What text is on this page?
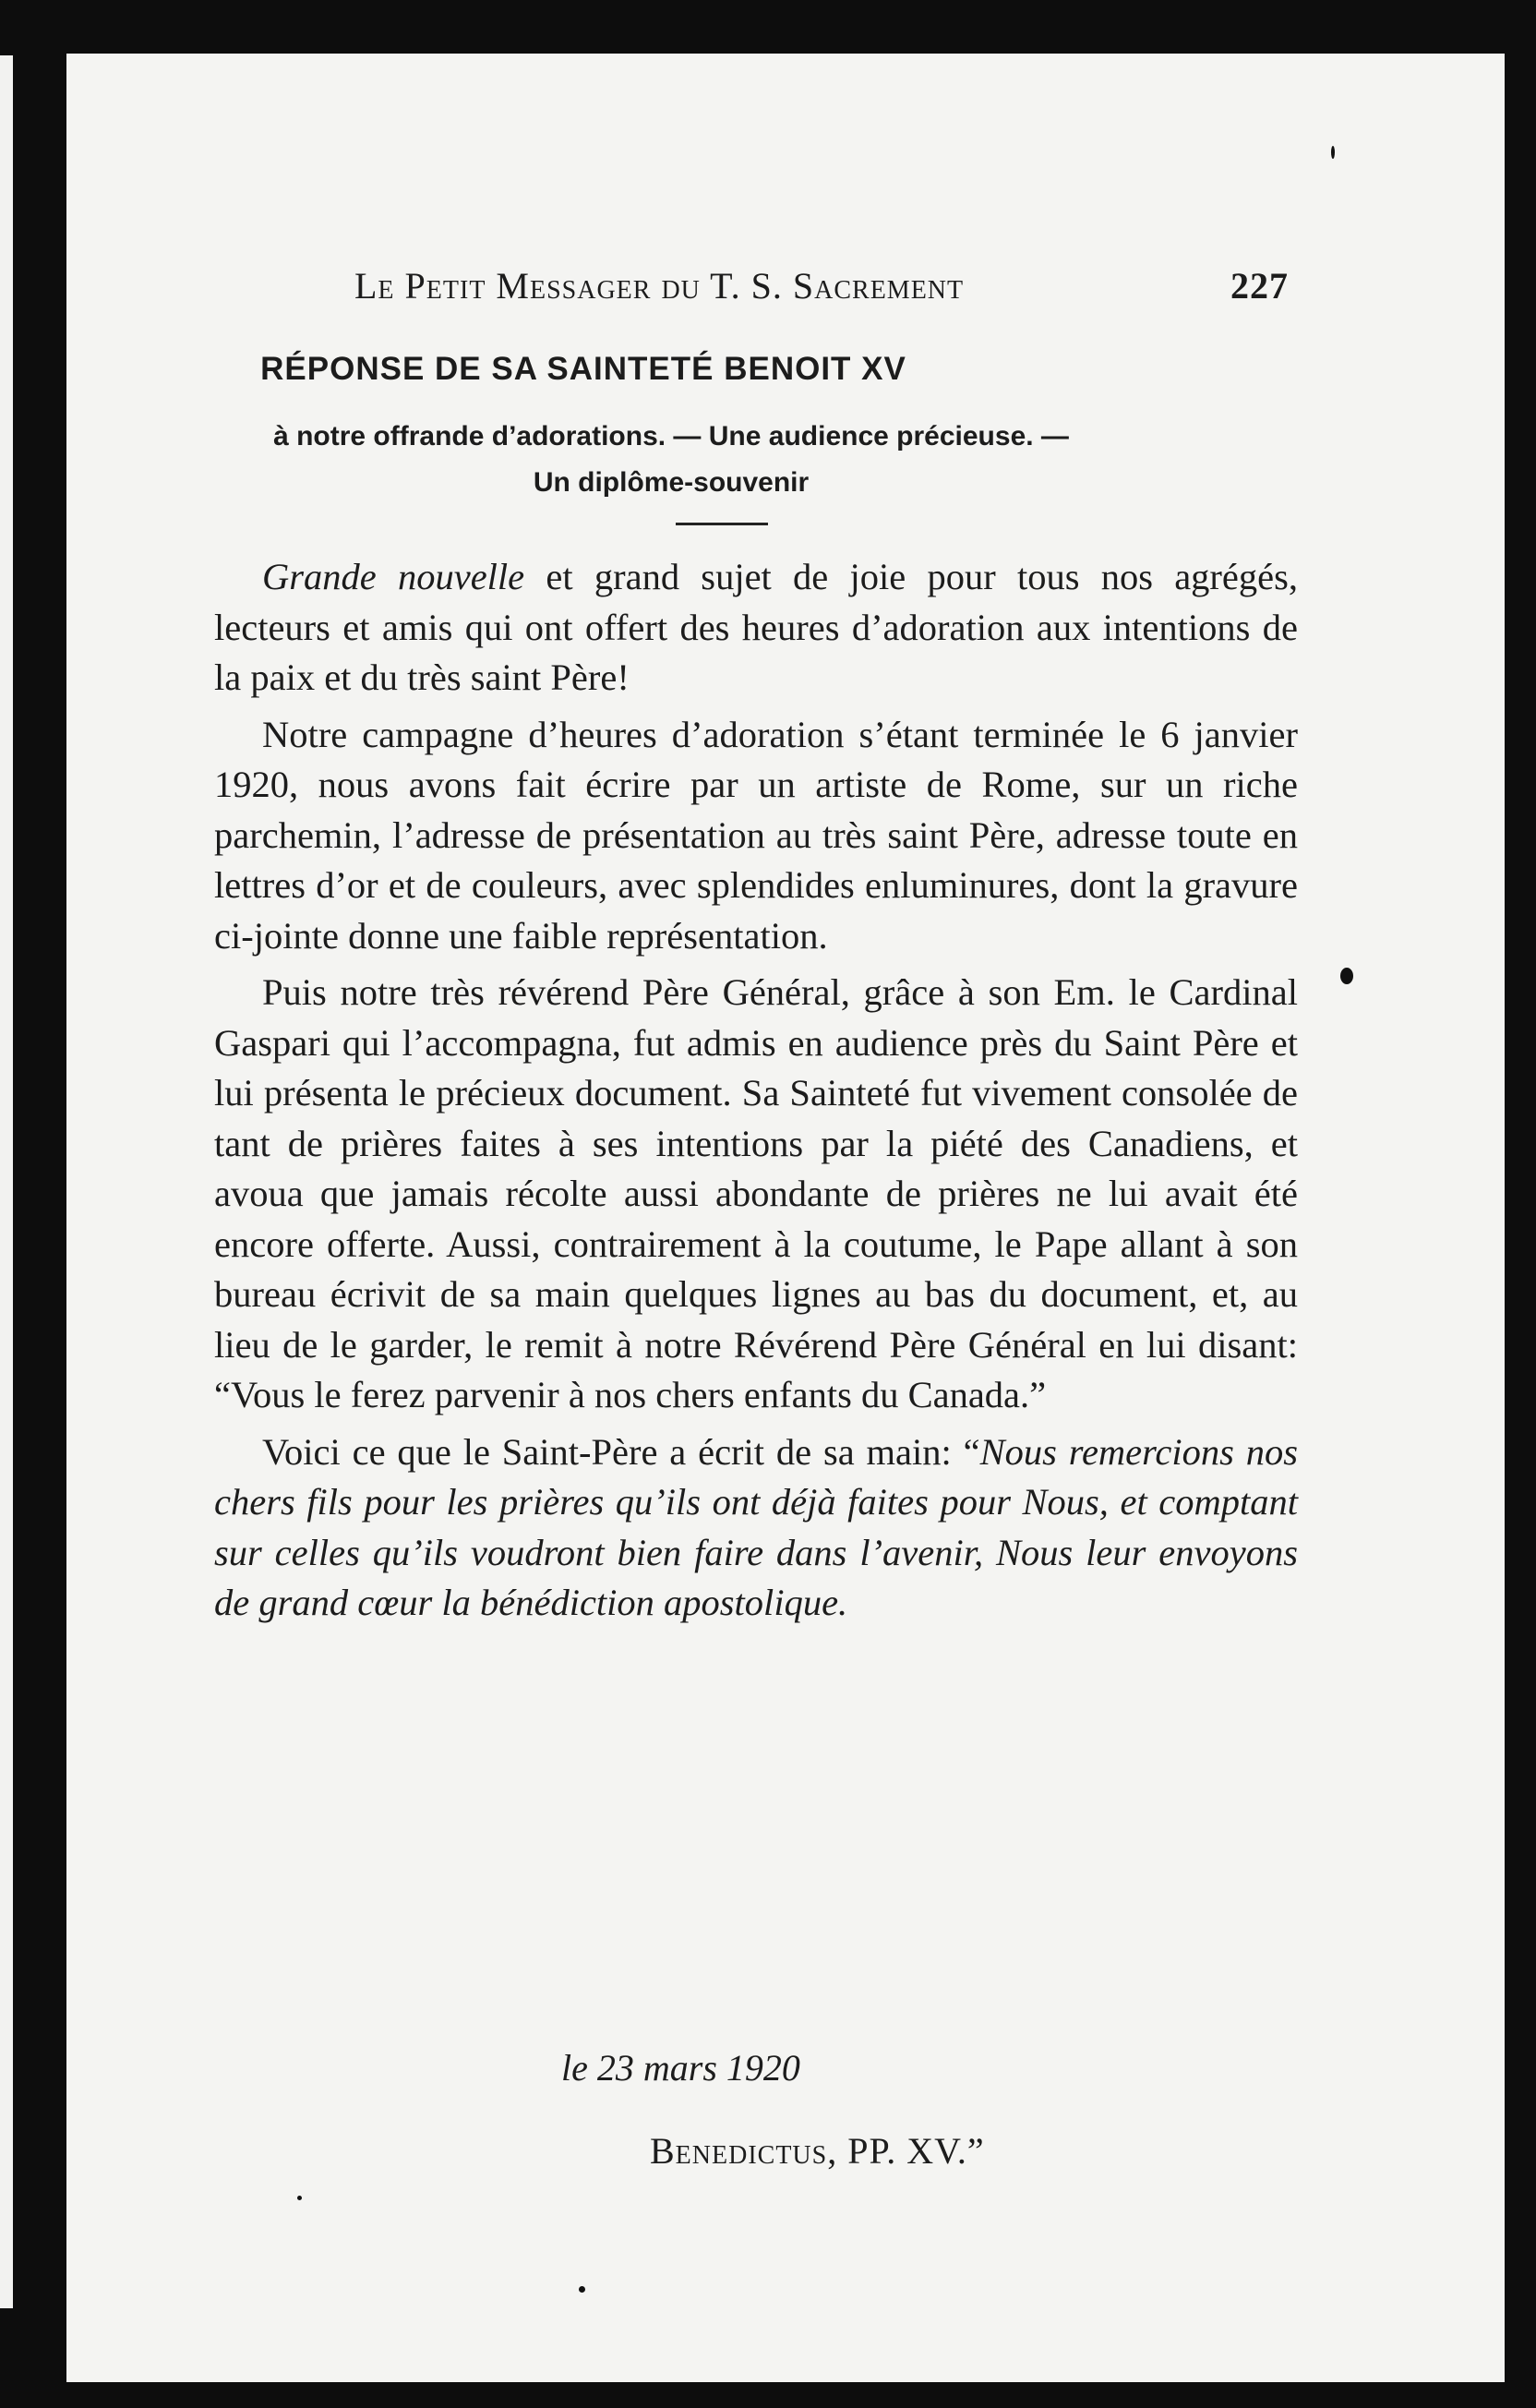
Le Petit Messager du T. S. Sacrement	227
RÉPONSE DE SA SAINTETÉ BENOIT XV
à notre offrande d’adorations. — Une audience précieuse. —
Un diplôme-souvenir

Grande nouvelle et grand sujet de joie pour tous nos agrégés, lecteurs et amis qui ont offert des heures d’adoration aux intentions de la paix et du très saint Père!

Notre campagne d’heures d’adoration s’étant terminée le 6 janvier 1920, nous avons fait écrire par un artiste de Rome, sur un riche parchemin, l’adresse de présentation au très saint Père, adresse toute en lettres d’or et de couleurs, avec splendides enluminures, dont la gravure ci-jointe donne une faible représentation.

Puis notre très révérend Père Général, grâce à son Em. le Cardinal Gaspari qui l’accompagna, fut admis en audience près du Saint Père et lui présenta le précieux document. Sa Sainteté fut vivement consolée de tant de prières faites à ses intentions par la piété des Canadiens, et avoua que jamais récolte aussi abondante de prières ne lui avait été encore offerte. Aussi, contrairement à la coutume, le Pape allant à son bureau écrivit de sa main quelques lignes au bas du document, et, au lieu de le garder, le remit à notre Révérend Père Général en lui disant: “Vous le ferez parvenir à nos chers enfants du Canada.”

Voici ce que le Saint-Père a écrit de sa main: “Nous remercions nos chers fils pour les prières qu’ils ont déjà faites pour Nous, et comptant sur celles qu’ils voudront bien faire dans l’avenir, Nous leur envoyons de grand cœur la bénédiction apostolique.

le 23 mars 1920
Benedictus, PP. XV.”
